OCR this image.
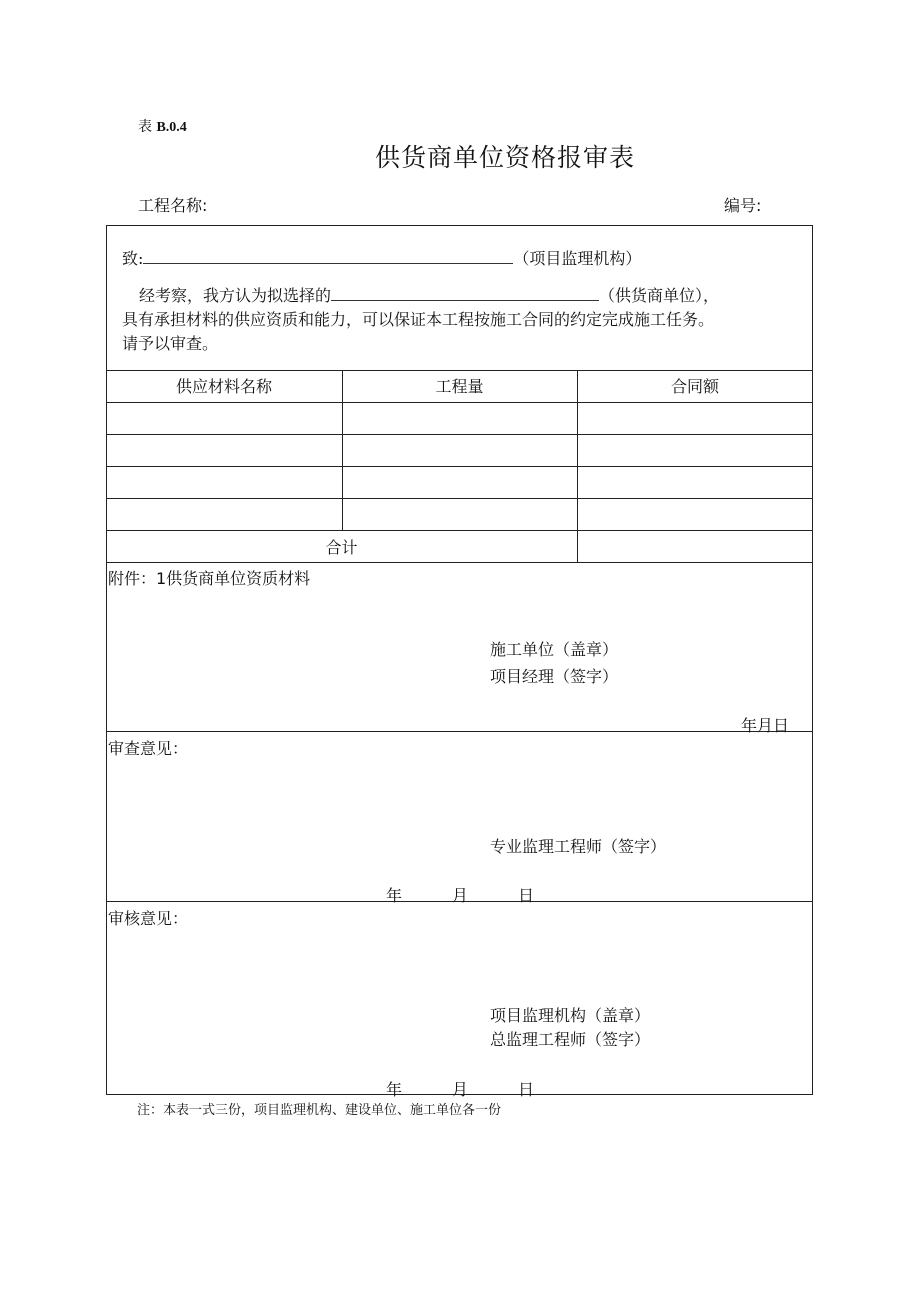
表 B.0.4
供货商单位资格报审表
工程名称:	编号:
致:	（项目监理机构）
经考察，我方认为拟选择的	（供货商单位），
具有承担材料的供应资质和能力，可以保证本工程按施工合同的约定完成施工任务。
请予以审查。
供应材料名称	工程量	合同额
合计
附件：1供货商单位资质材料
施工单位（盖章）
项目经理（签字）
年月日
审查意见：
专业监理工程师（签字）
年	月	日
审核意见：
项目监理机构（盖章）
总监理工程师（签字）
年	月	日
注：本表一式三份，项目监理机构、建设单位、施工单位各一份
